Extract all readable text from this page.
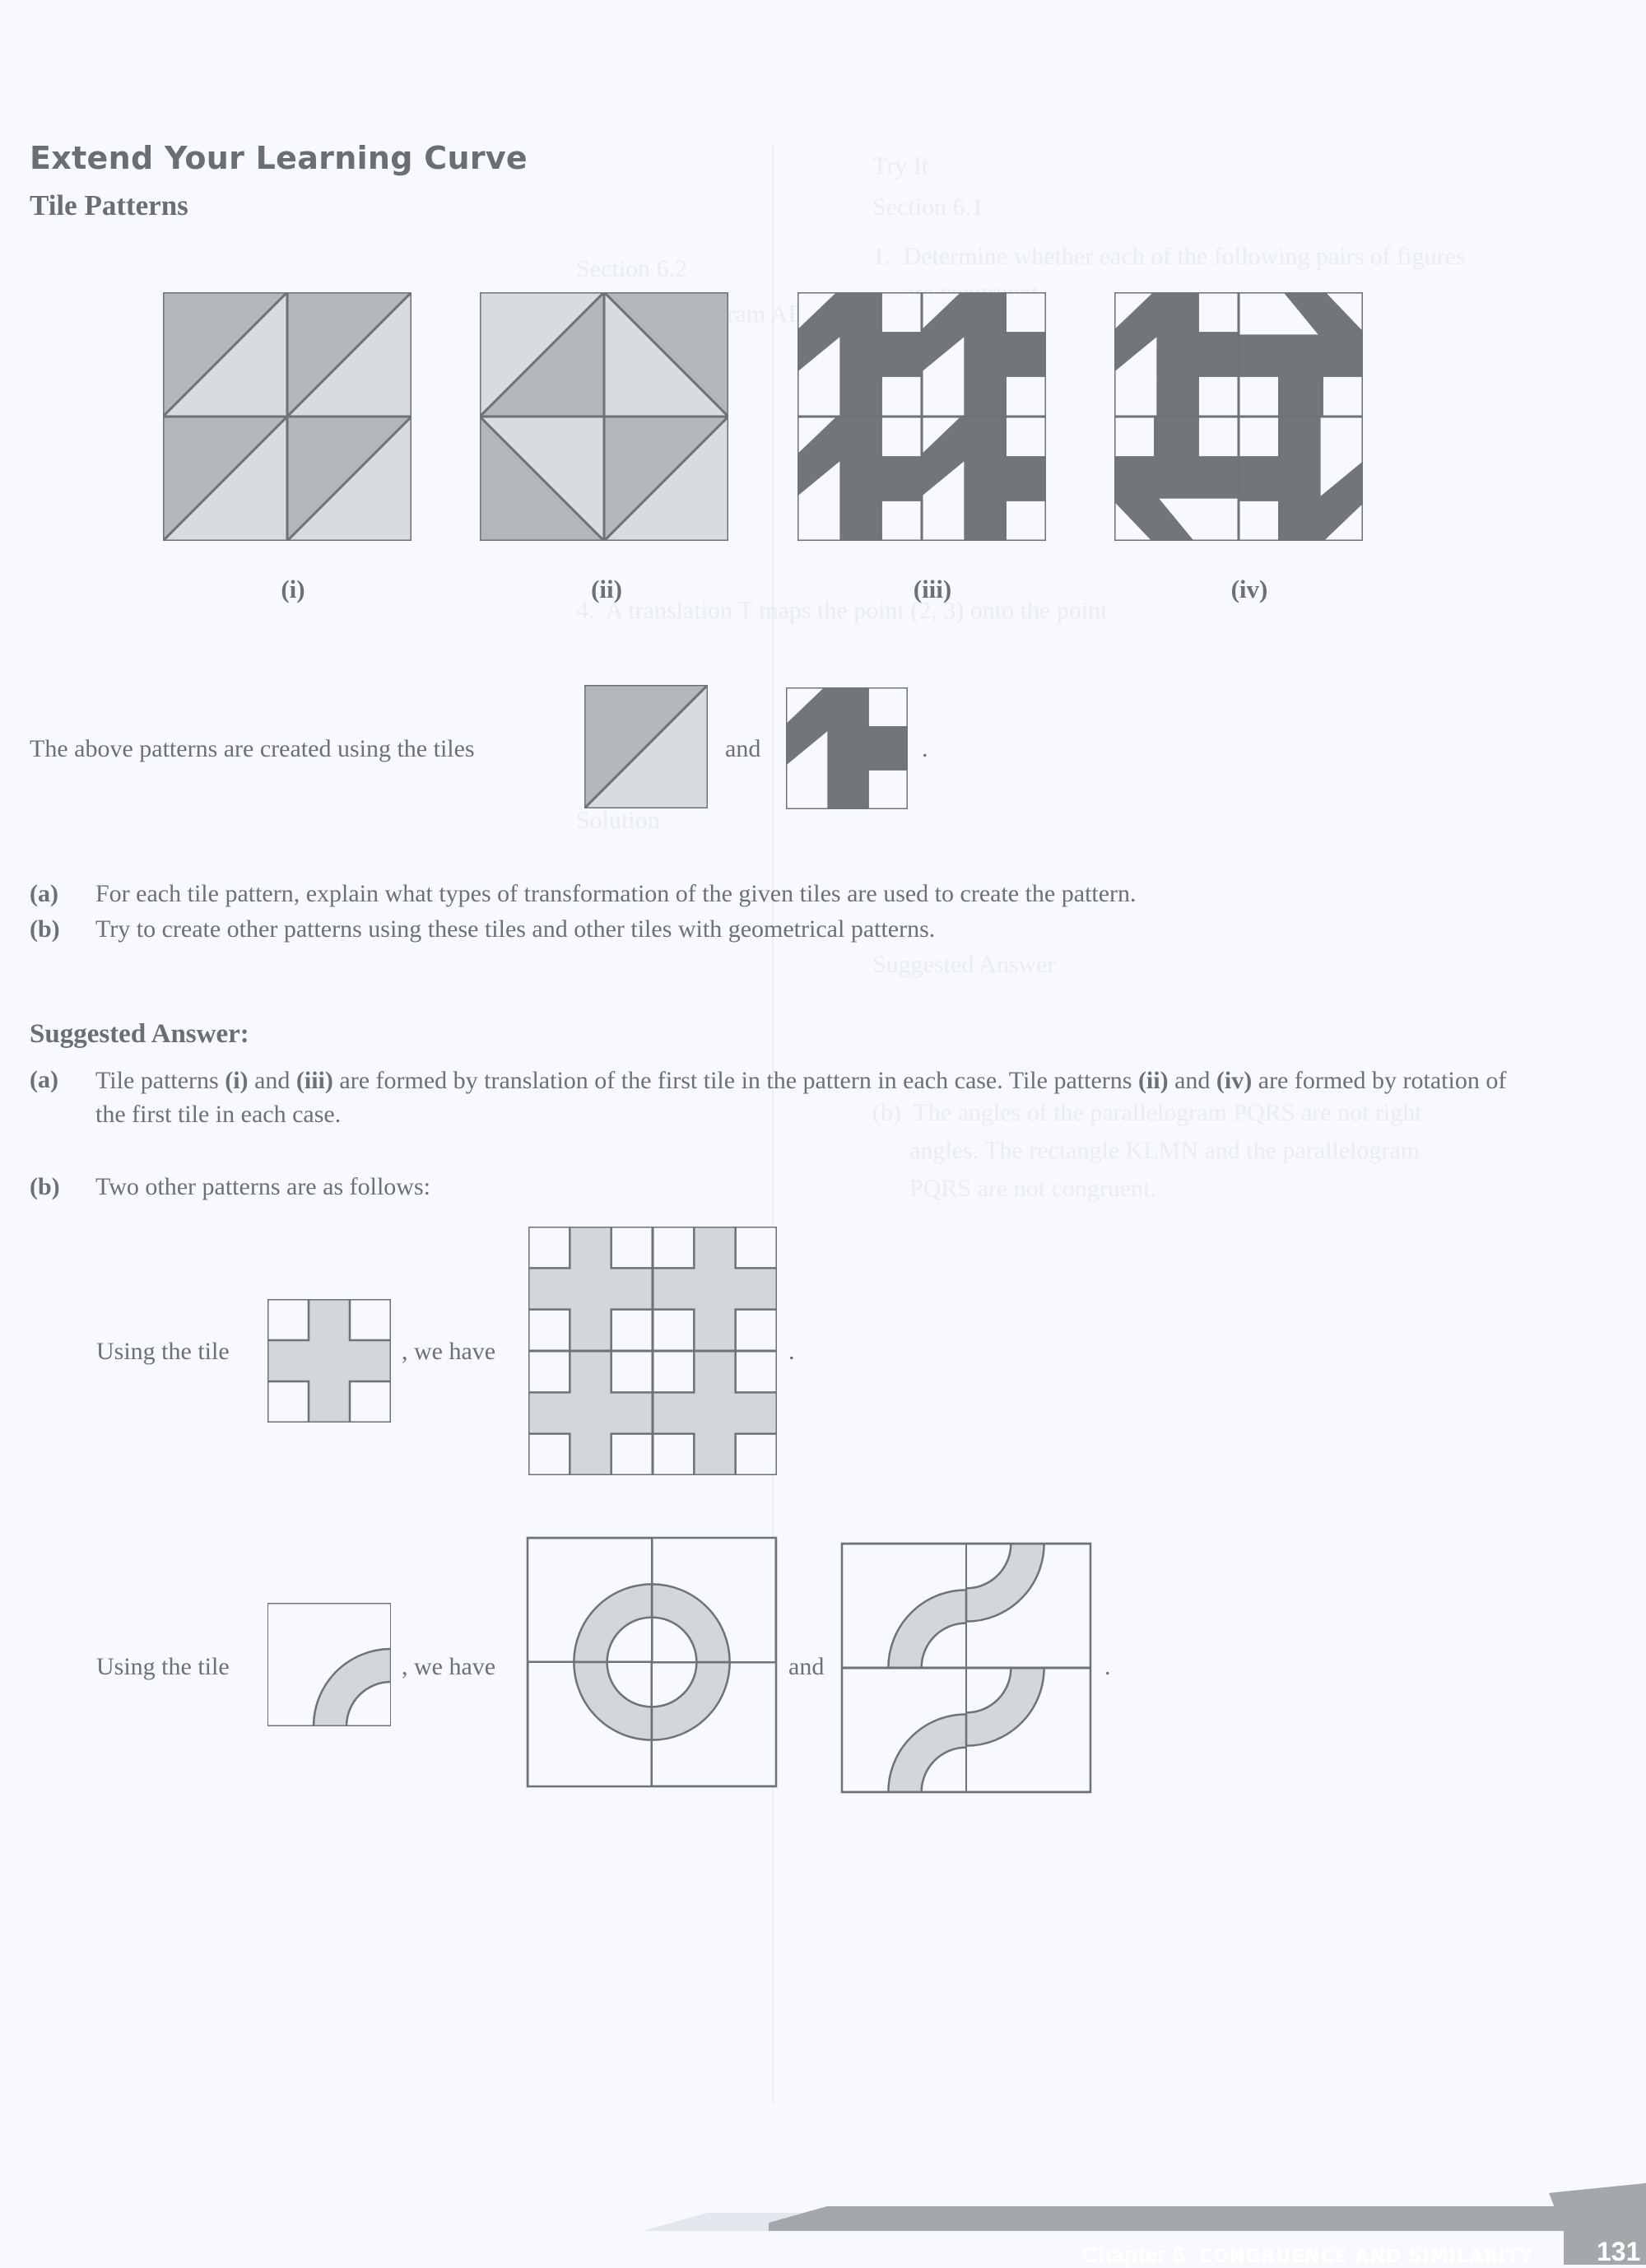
Try It
Section 6.1
1.  Determine whether each of the following pairs of figures
Section 6.2
4.  A translation T maps the point (2, 3) onto the point
Solution
Suggested Answer
(b)  The angles of the parallelogram PQRS are not right
angles. The rectangle KLMN and the parallelogram
PQRS are not congruent.
Extend Your Learning Curve
Tile Patterns
(i)	(ii)	(iii)	(iv)
The above patterns are created using the tiles	and	.
(a)	For each tile pattern, explain what types of transformation of the given tiles are used to create the pattern.
(b)	Try to create other patterns using these tiles and other tiles with geometrical patterns.
Suggested Answer:
(a)	Tile patterns (i) and (iii) are formed by translation of the first tile in the pattern in each case. Tile patterns (ii) and (iv) are formed by rotation of the first tile in each case.
(b)	Two other patterns are as follows:
Using the tile	, we have	.
Using the tile	, we have	and	.
Chapter 6 CONGRUENCE AND SIMILARITY 131
